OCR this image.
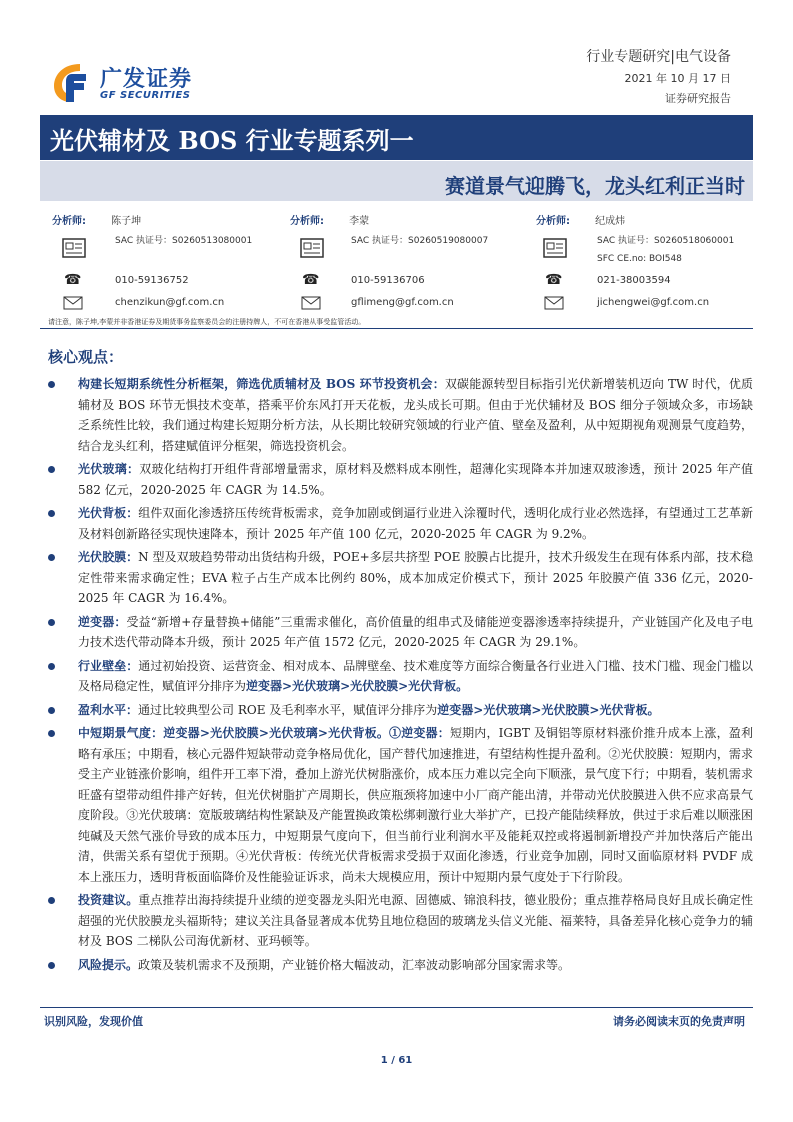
广发证券
GF SECURITIES
行业专题研究|电气设备
2021 年 10 月 17 日
证券研究报告
光伏辅材及 BOS 行业专题系列一
赛道景气迎腾飞，龙头红利正当时
分析师:	陈子坤	分析师:	李蒙	分析师:	纪成炜
SAC 执证号：S0260513080001	SAC 执证号：S0260519080007	SAC 执证号：S0260518060001
SFC CE.no: BOI548
☎	☎	☎
010-59136752	010-59136706	021-38003594
chenzikun@gf.com.cn	gflimeng@gf.com.cn	jichengwei@gf.com.cn
请注意，陈子坤,李蒙并非香港证券及期货事务监察委员会的注册持牌人，不可在香港从事受监管活动。
核心观点：
构建长短期系统性分析框架，筛选优质辅材及 BOS 环节投资机会：双碳能源转型目标指引光伏新增装机迈向 TW 时代，优质辅材及 BOS 环节无惧技术变革，搭乘平价东风打开天花板，龙头成长可期。但由于光伏辅材及 BOS 细分子领域众多，市场缺乏系统性比较，我们通过构建长短期分析方法，从长期比较研究领域的行业产值、壁垒及盈利，从中短期视角观测景气度趋势，结合龙头红利，搭建赋值评分框架，筛选投资机会。
光伏玻璃：双玻化结构打开组件背部增量需求，原材料及燃料成本刚性，超薄化实现降本并加速双玻渗透，预计 2025 年产值 582 亿元，2020-2025 年 CAGR 为 14.5%。
光伏背板：组件双面化渗透挤压传统背板需求，竞争加剧或倒逼行业进入涂覆时代，透明化成行业必然选择，有望通过工艺革新及材料创新路径实现快速降本，预计 2025 年产值 100 亿元，2020-2025 年 CAGR 为 9.2%。
光伏胶膜：N 型及双玻趋势带动出货结构升级，POE+多层共挤型 POE 胶膜占比提升，技术升级发生在现有体系内部，技术稳定性带来需求确定性；EVA 粒子占生产成本比例约 80%，成本加成定价模式下，预计 2025 年胶膜产值 336 亿元，2020-2025 年 CAGR 为 16.4%。
逆变器：受益“新增+存量替换+储能”三重需求催化，高价值量的组串式及储能逆变器渗透率持续提升，产业链国产化及电子电力技术迭代带动降本升级，预计 2025 年产值 1572 亿元，2020-2025 年 CAGR 为 29.1%。
行业壁垒：通过初始投资、运营资金、相对成本、品牌壁垒、技术难度等方面综合衡量各行业进入门槛、技术门槛、现金门槛以及格局稳定性，赋值评分排序为逆变器>光伏玻璃>光伏胶膜>光伏背板。
盈利水平：通过比较典型公司 ROE 及毛利率水平，赋值评分排序为逆变器>光伏玻璃>光伏胶膜>光伏背板。
中短期景气度：逆变器>光伏胶膜>光伏玻璃>光伏背板。①逆变器：短期内，IGBT 及铜铝等原材料涨价推升成本上涨，盈利略有承压；中期看，核心元器件短缺带动竞争格局优化，国产替代加速推进，有望结构性提升盈利。②光伏胶膜：短期内，需求受主产业链涨价影响，组件开工率下滑，叠加上游光伏树脂涨价，成本压力难以完全向下顺涨，景气度下行；中期看，装机需求旺盛有望带动组件排产好转，但光伏树脂扩产周期长，供应瓶颈将加速中小厂商产能出清，并带动光伏胶膜进入供不应求高景气度阶段。③光伏玻璃：宽版玻璃结构性紧缺及产能置换政策松绑刺激行业大举扩产，已投产能陆续释放，供过于求后难以顺涨困纯碱及天然气涨价导致的成本压力，中短期景气度向下，但当前行业利润水平及能耗双控或将遏制新增投产并加快落后产能出清，供需关系有望优于预期。④光伏背板：传统光伏背板需求受损于双面化渗透，行业竞争加剧，同时又面临原材料 PVDF 成本上涨压力，透明背板面临降价及性能验证诉求，尚未大规模应用，预计中短期内景气度处于下行阶段。
投资建议。重点推荐出海持续提升业绩的逆变器龙头阳光电源、固德威、锦浪科技，德业股份；重点推荐格局良好且成长确定性超强的光伏胶膜龙头福斯特；建议关注具备显著成本优势且地位稳固的玻璃龙头信义光能、福莱特，具备差异化核心竞争力的辅材及 BOS 二梯队公司海优新材、亚玛顿等。
风险提示。政策及装机需求不及预期，产业链价格大幅波动，汇率波动影响部分国家需求等。
识别风险，发现价值	请务必阅读末页的免责声明
1 / 61
